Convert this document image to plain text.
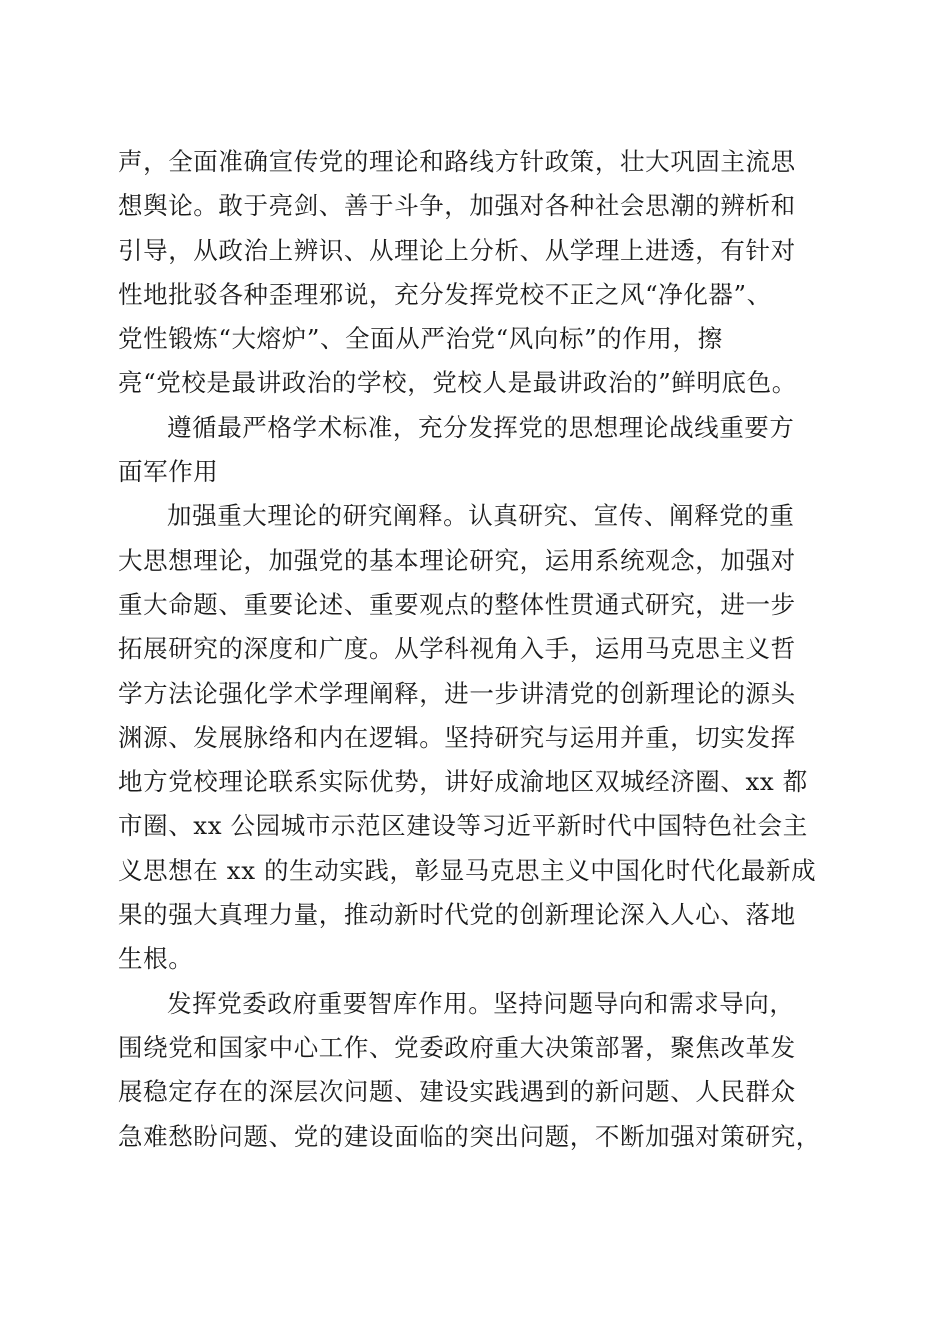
声，全面准确宣传党的理论和路线方针政策，壮大巩固主流思
想舆论。敢于亮剑、善于斗争，加强对各种社会思潮的辨析和
引导，从政治上辨识、从理论上分析、从学理上进透，有针对
性地批驳各种歪理邪说，充分发挥党校不正之风“净化器”、
党性锻炼“大熔炉”、全面从严治党“风向标”的作用，擦
亮“党校是最讲政治的学校，党校人是最讲政治的”鲜明底色。

遵循最严格学术标准，充分发挥党的思想理论战线重要方
面军作用

加强重大理论的研究阐释。认真研究、宣传、阐释党的重
大思想理论，加强党的基本理论研究，运用系统观念，加强对
重大命题、重要论述、重要观点的整体性贯通式研究，进一步
拓展研究的深度和广度。从学科视角入手，运用马克思主义哲
学方法论强化学术学理阐释，进一步讲清党的创新理论的源头
渊源、发展脉络和内在逻辑。坚持研究与运用并重，切实发挥
地方党校理论联系实际优势，讲好成渝地区双城经济圈、xx 都
市圈、xx 公园城市示范区建设等习近平新时代中国特色社会主
义思想在 xx 的生动实践，彰显马克思主义中国化时代化最新成
果的强大真理力量，推动新时代党的创新理论深入人心、落地
生根。

发挥党委政府重要智库作用。坚持问题导向和需求导向，
围绕党和国家中心工作、党委政府重大决策部署，聚焦改革发
展稳定存在的深层次问题、建设实践遇到的新问题、人民群众
急难愁盼问题、党的建设面临的突出问题，不断加强对策研究，
